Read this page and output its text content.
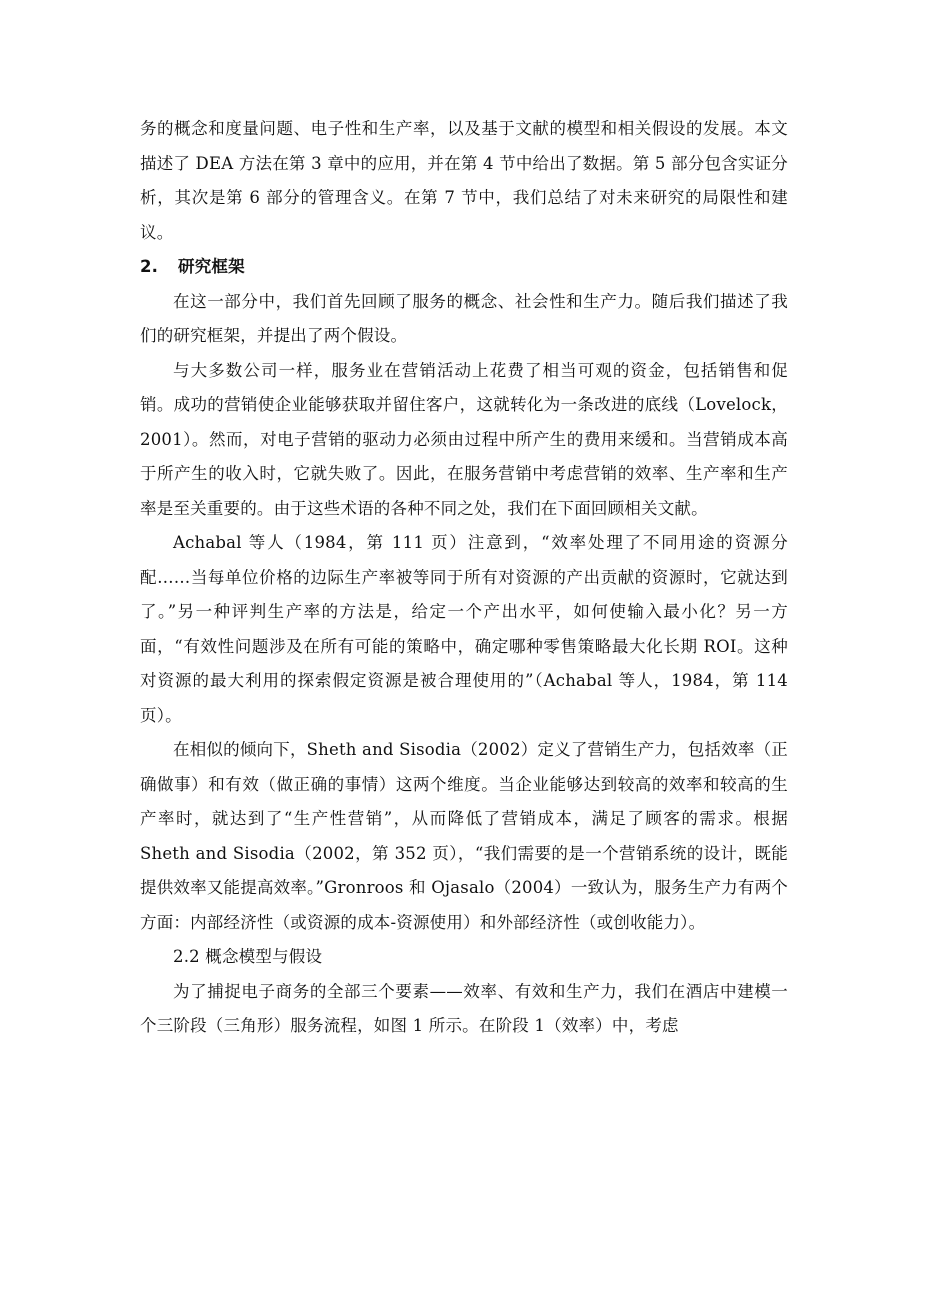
务的概念和度量问题、电子性和生产率，以及基于文献的模型和相关假设的发展。本文描述了 DEA 方法在第 3 章中的应用，并在第 4 节中给出了数据。第 5 部分包含实证分析，其次是第 6 部分的管理含义。在第 7 节中，我们总结了对未来研究的局限性和建议。

2. 研究框架

在这一部分中，我们首先回顾了服务的概念、社会性和生产力。随后我们描述了我们的研究框架，并提出了两个假设。

与大多数公司一样，服务业在营销活动上花费了相当可观的资金，包括销售和促销。成功的营销使企业能够获取并留住客户，这就转化为一条改进的底线（Lovelock，2001）。然而，对电子营销的驱动力必须由过程中所产生的费用来缓和。当营销成本高于所产生的收入时，它就失败了。因此，在服务营销中考虑营销的效率、生产率和生产率是至关重要的。由于这些术语的各种不同之处，我们在下面回顾相关文献。

Achabal 等人（1984，第 111 页）注意到，“效率处理了不同用途的资源分配……当每单位价格的边际生产率被等同于所有对资源的产出贡献的资源时，它就达到了。”另一种评判生产率的方法是，给定一个产出水平，如何使输入最小化？另一方面，“有效性问题涉及在所有可能的策略中，确定哪种零售策略最大化长期 ROI。这种对资源的最大利用的探索假定资源是被合理使用的”（Achabal 等人，1984，第 114 页）。

在相似的倾向下，Sheth and Sisodia（2002）定义了营销生产力，包括效率（正确做事）和有效（做正确的事情）这两个维度。当企业能够达到较高的效率和较高的生产率时，就达到了“生产性营销”，从而降低了营销成本，满足了顾客的需求。根据 Sheth and Sisodia（2002，第 352 页），“我们需要的是一个营销系统的设计，既能提供效率又能提高效率。”Gronroos 和 Ojasalo（2004）一致认为，服务生产力有两个方面：内部经济性（或资源的成本-资源使用）和外部经济性（或创收能力）。

2.2 概念模型与假设

为了捕捉电子商务的全部三个要素——效率、有效和生产力，我们在酒店中建模一个三阶段（三角形）服务流程，如图 1 所示。在阶段 1（效率）中，考虑
